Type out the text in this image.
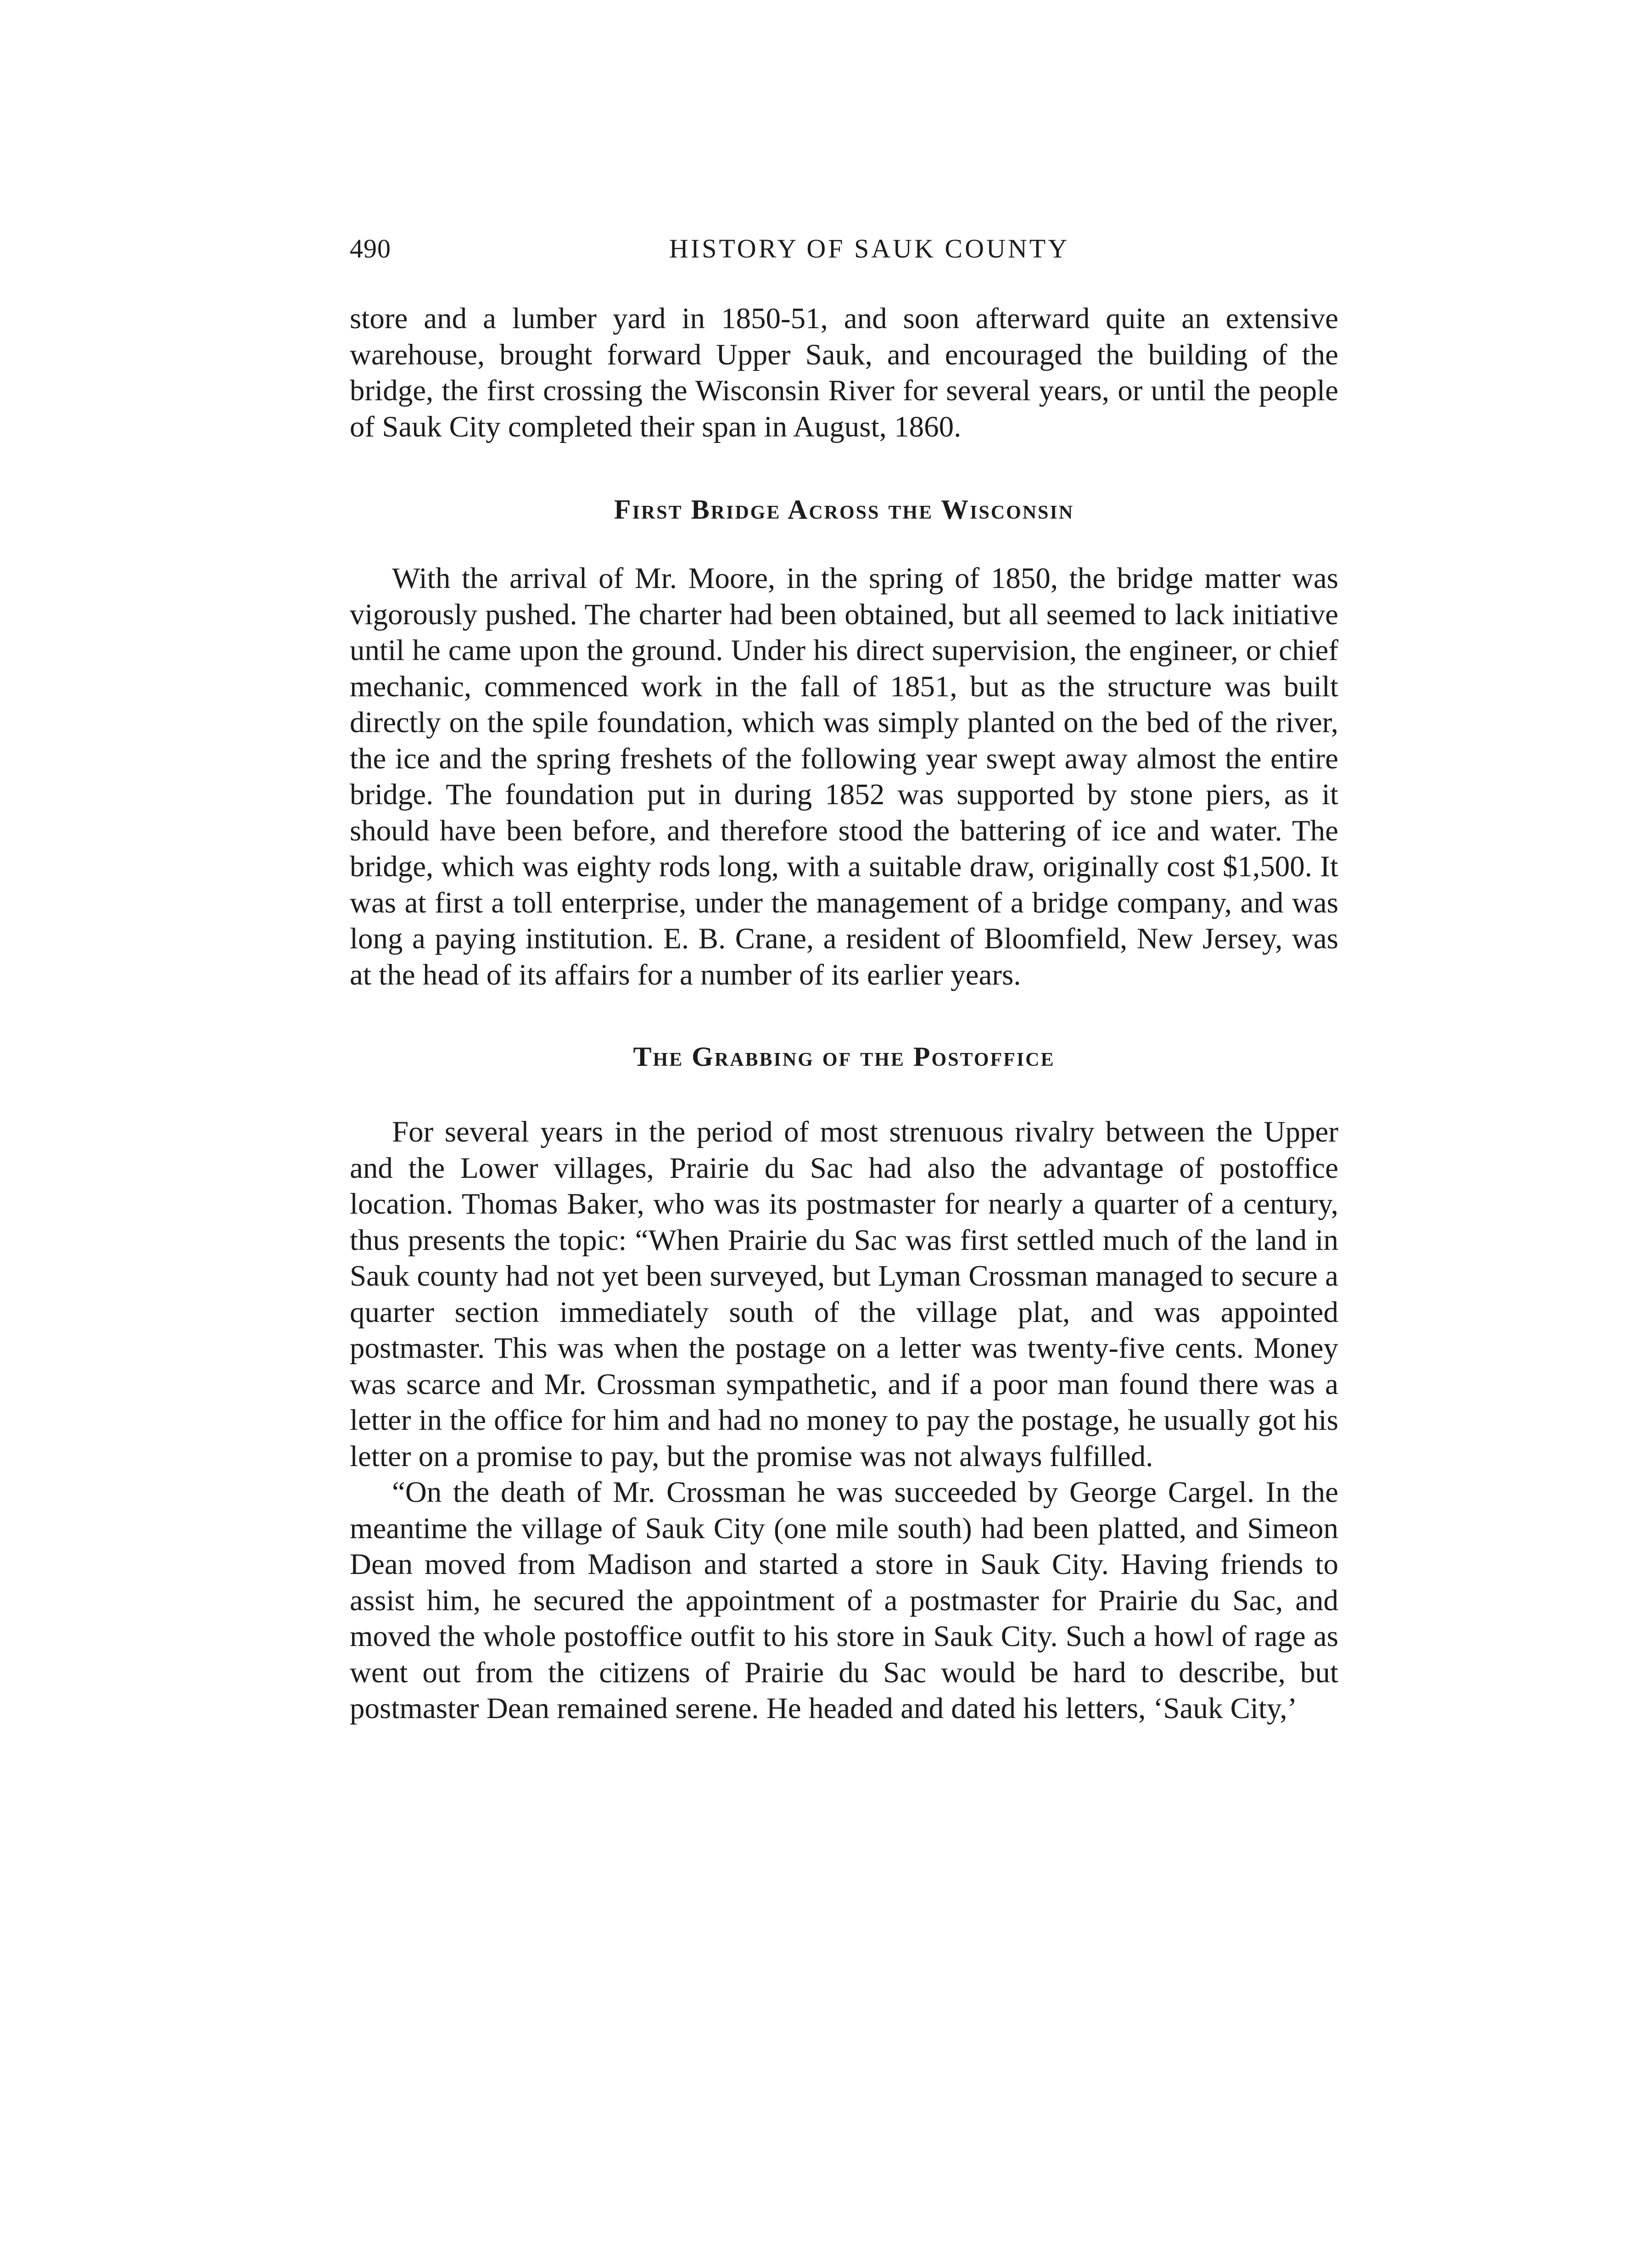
490	HISTORY OF SAUK COUNTY

store and a lumber yard in 1850-51, and soon afterward quite an extensive warehouse, brought forward Upper Sauk, and encouraged the building of the bridge, the first crossing the Wisconsin River for several years, or until the people of Sauk City completed their span in August, 1860.

First Bridge Across the Wisconsin

With the arrival of Mr. Moore, in the spring of 1850, the bridge matter was vigorously pushed. The charter had been obtained, but all seemed to lack initiative until he came upon the ground. Under his direct supervision, the engineer, or chief mechanic, commenced work in the fall of 1851, but as the structure was built directly on the spile foundation, which was simply planted on the bed of the river, the ice and the spring freshets of the following year swept away almost the entire bridge. The foundation put in during 1852 was supported by stone piers, as it should have been before, and therefore stood the battering of ice and water. The bridge, which was eighty rods long, with a suitable draw, originally cost $1,500. It was at first a toll enterprise, under the management of a bridge company, and was long a paying institution. E. B. Crane, a resident of Bloomfield, New Jersey, was at the head of its affairs for a number of its earlier years.

The Grabbing of the Postoffice

For several years in the period of most strenuous rivalry between the Upper and the Lower villages, Prairie du Sac had also the advantage of postoffice location. Thomas Baker, who was its postmaster for nearly a quarter of a century, thus presents the topic: “When Prairie du Sac was first settled much of the land in Sauk county had not yet been surveyed, but Lyman Crossman managed to secure a quarter section immediately south of the village plat, and was appointed postmaster. This was when the postage on a letter was twenty-five cents. Money was scarce and Mr. Crossman sympathetic, and if a poor man found there was a letter in the office for him and had no money to pay the postage, he usually got his letter on a promise to pay, but the promise was not always fulfilled.

“On the death of Mr. Crossman he was succeeded by George Cargel. In the meantime the village of Sauk City (one mile south) had been platted, and Simeon Dean moved from Madison and started a store in Sauk City. Having friends to assist him, he secured the appointment of a postmaster for Prairie du Sac, and moved the whole postoffice outfit to his store in Sauk City. Such a howl of rage as went out from the citizens of Prairie du Sac would be hard to describe, but postmaster Dean remained serene. He headed and dated his letters, ‘Sauk City,’
